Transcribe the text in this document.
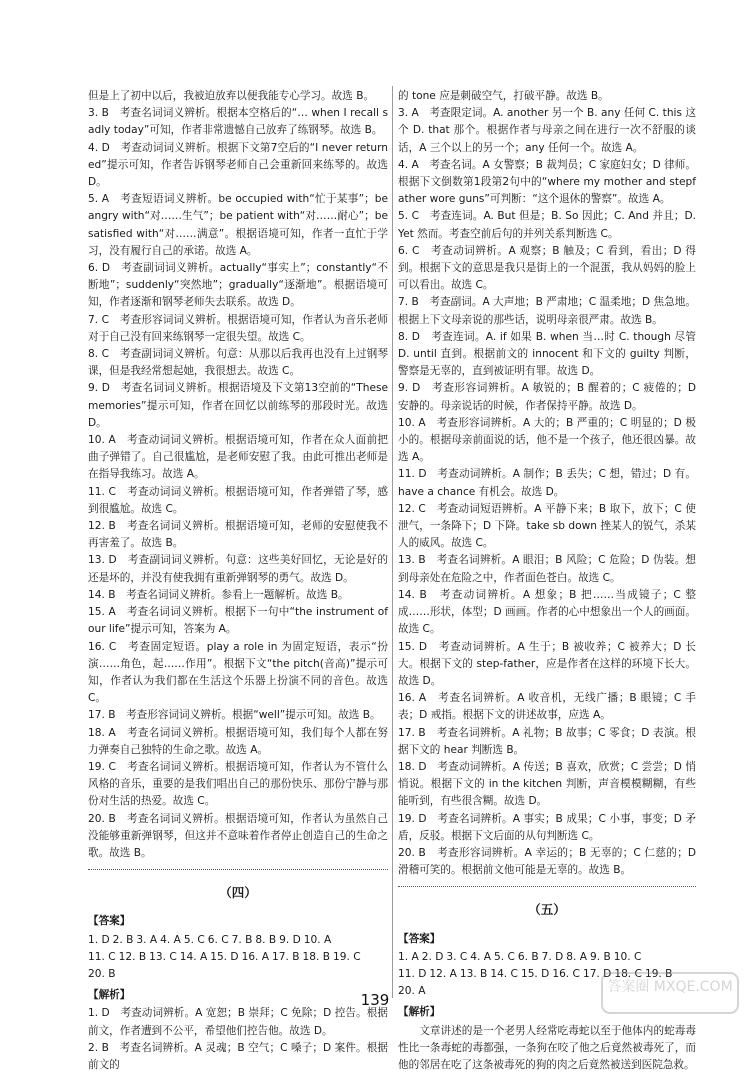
但是上了初中以后，我被迫放弃以便我能专心学习。故选 B。

3. B　考查名词词义辨析。根据本空格后的“… when I recall sadly today”可知，作者非常遗憾自己放弃了练钢琴。故选 B。

4. D　考查动词词义辨析。根据下文第7空后的“I never returned”提示可知，作者告诉钢琴老师自己会重新回来练琴的。故选 D。

5. A　考查短语词义辨析。be occupied with“忙于某事”；be angry with“对……生气”；be patient with“对……耐心”；be satisfied with“对……满意”。根据语境可知，作者一直忙于学习，没有履行自己的承诺。故选 A。

6. D　考查副词词义辨析。actually“事实上”；constantly“不断地”；suddenly“突然地”；gradually“逐渐地”。根据语境可知，作者逐渐和钢琴老师失去联系。故选 D。

7. C　考查形容词词义辨析。根据语境可知，作者认为音乐老师对于自己没有回来练钢琴一定很失望。故选 C。

8. C　考查副词词义辨析。句意：从那以后我再也没有上过钢琴课，但是我经常想起她，我很想去。故选 C。

9. D　考查名词词义辨析。根据语境及下文第13空前的“These memories”提示可知，作者在回忆以前练琴的那段时光。故选 D。

10. A　考查动词词义辨析。根据语境可知，作者在众人面前把曲子弹错了。自己很尴尬，是老师安慰了我。由此可推出老师是在指导我练习。故选 A。

11. C　考查动词词义辨析。根据语境可知，作者弹错了琴，感到很尴尬。故选 C。

12. B　考查名词词义辨析。根据语境可知，老师的安慰使我不再害羞了。故选 B。

13. D　考查副词词义辨析。句意：这些美好回忆，无论是好的还是坏的，并没有使我拥有重新弹钢琴的勇气。故选 D。

14. B　考查名词词义辨析。参看上一题解析。故选 B。

15. A　考查名词词义辨析。根据下一句中“the instrument of our life”提示可知，答案为 A。

16. C　考查固定短语。play a role in 为固定短语，表示“扮演……角色，起……作用”。根据下文“the pitch(音高)”提示可知，作者认为我们都在生活这个乐器上扮演不同的音色。故选 C。

17. B　考查形容词词义辨析。根据“well”提示可知。故选 B。

18. A　考查名词词义辨析。根据语境可知，我们每个人都在努力弹奏自己独特的生命之歌。故选 A。

19. C　考查名词词义辨析。根据语境可知，作者认为不管什么风格的音乐，重要的是我们唱出自己的那份快乐、那份宁静与那份对生活的热爱。故选 C。

20. B　考查名词词义辨析。根据语境可知，作者认为虽然自己没能够重新弹钢琴，但这并不意味着作者停止创造自己的生命之歌。故选 B。

（四）
【答案】
1. D 2. B 3. A 4. A 5. C 6. C 7. B 8. B 9. D 10. A
11. C 12. B 13. C 14. A 15. D 16. A 17. B 18. B 19. C
20. B
【解析】

1. D　考查动词辨析。A 宽恕；B 崇拜；C 免除；D 控告。根据前文，作者遭到不公平，希望他们控告他。故选 D。

2. B　考查名词辨析。A 灵魂；B 空气；C 嗓子；D 案件。根据前文的

的 tone 应是刺破空气，打破平静。故选 B。

3. A　考查限定词。A. another 另一个 B. any 任何 C. this 这个 D. that 那个。根据作者与母亲之间在进行一次不舒服的谈话，A 三个以上的另一个；any 任何一个。故选 A。

4. A　考查名词。A 女警察；B 裁判员；C 家庭妇女；D 律师。根据下文倒数第1段第2句中的“where my mother and stepfather wore guns”可判断：“这个退休的警察”。故选 A。

5. C　考查连词。A. But 但是；B. So 因此；C. And 并且；D. Yet 然而。考查空前后句的并列关系判断选 C。

6. C　考查动词辨析。A 观察；B 触及；C 看到，看出；D 得到。根据下文的意思是我只是街上的一个混蛋，我从妈妈的脸上可以看出。故选 C。

7. B　考查副词。A 大声地；B 严肃地；C 温柔地；D 焦急地。根据上下文母亲说的那些话，说明母亲很严肃。故选 B。

8. D　考查连词。A. if 如果 B. when 当…时 C. though 尽管 D. until 直到。根据前文的 innocent 和下文的 guilty 判断，警察是无辜的，直到被证明有罪。故选 D。

9. D　考查形容词辨析。A 敏锐的；B 醒着的；C 疲倦的；D 安静的。母亲说话的时候，作者保持平静。故选 D。

10. A　考查形容词辨析。A 大的；B 严重的；C 明显的；D 极小的。根据母亲前面说的话，他不是一个孩子，他还很凶暴。故选 A。

11. D　考查动词辨析。A 制作；B 丢失；C 想，错过；D 有。have a chance 有机会。故选 D。

12. C　考查动词短语辨析。A 平静下来；B 取下，放下；C 使泄气，一条降下；D 下降。take sb down 挫某人的锐气，杀某人的威风。故选 C。

13. B　考查名词辨析。A 眼泪；B 风险；C 危险；D 伪装。想到母亲处在危险之中，作者面色苍白。故选 C。

14. B　考查动词辨析。A 想象；B 把……当成镜子；C 整成……形状，体型；D 画画。作者的心中想象出一个人的画面。故选 C。

15. D　考查动词辨析。A 生于；B 被收养；C 被养大；D 长大。根据下文的 step-father，应是作者在这样的环境下长大。故选 D。

16. A　考查名词辨析。A 收音机，无线广播；B 眼镜；C 手表；D 戒指。根据下文的讲述故事，应选 A。

17. B　考查名词辨析。A 礼物；B 故事；C 零食；D 表演。根据下文的 hear 判断选 B。

18. D　考查动词辨析。A 传送；B 喜欢，欣赏；C 尝尝；D 悄悄说。根据下文的 in the kitchen 判断，声音模模糊糊，有些能听到，有些很含糊。故选 D。

19. D　考查名词辨析。A 事实；B 成果；C 小事，事变；D 矛盾，反驳。根据下文后面的从句判断选 C。

20. B　考查形容词辨析。A 幸运的；B 无辜的；C 仁慈的；D 滑稽可笑的。根据前文他可能是无辜的。故选 B。

（五）
【答案】
1. A 2. D 3. C 4. A 5. C 6. B 7. D 8. A 9. B 10. C
11. D 12. A 13. B 14. C 15. D 16. C 17. D 18. C 19. B
20. A
【解析】

文章讲述的是一个老男人经常吃毒蛇以至于他体内的蛇毒毒性比一条毒蛇的毒都强，一条狗在咬了他之后竟然被毒死了，而他的邻居在吃了这条被毒死的狗的肉之后竟然被送到医院急救。

139
答案圈 MXQE.COM
